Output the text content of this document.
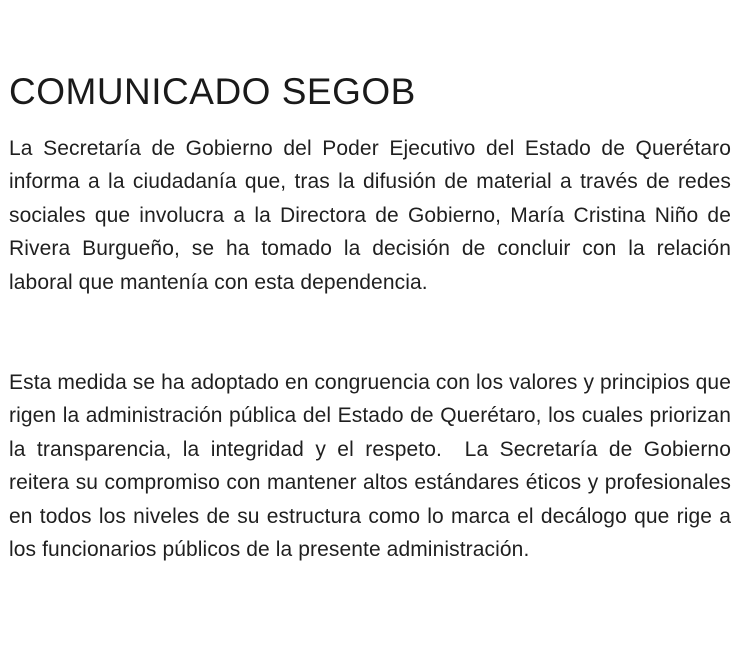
COMUNICADO SEGOB

La Secretaría de Gobierno del Poder Ejecutivo del Estado de Querétaro informa a la ciudadanía que, tras la difusión de material a través de redes sociales que involucra a la Directora de Gobierno, María Cristina Niño de Rivera Burgueño, se ha tomado la decisión de concluir con la relación laboral que mantenía con esta dependencia.

Esta medida se ha adoptado en congruencia con los valores y principios que rigen la administración pública del Estado de Querétaro, los cuales priorizan la transparencia, la integridad y el respeto.  La Secretaría de Gobierno reitera su compromiso con mantener altos estándares éticos y profesionales en todos los niveles de su estructura como lo marca el decálogo que rige a los funcionarios públicos de la presente administración.
